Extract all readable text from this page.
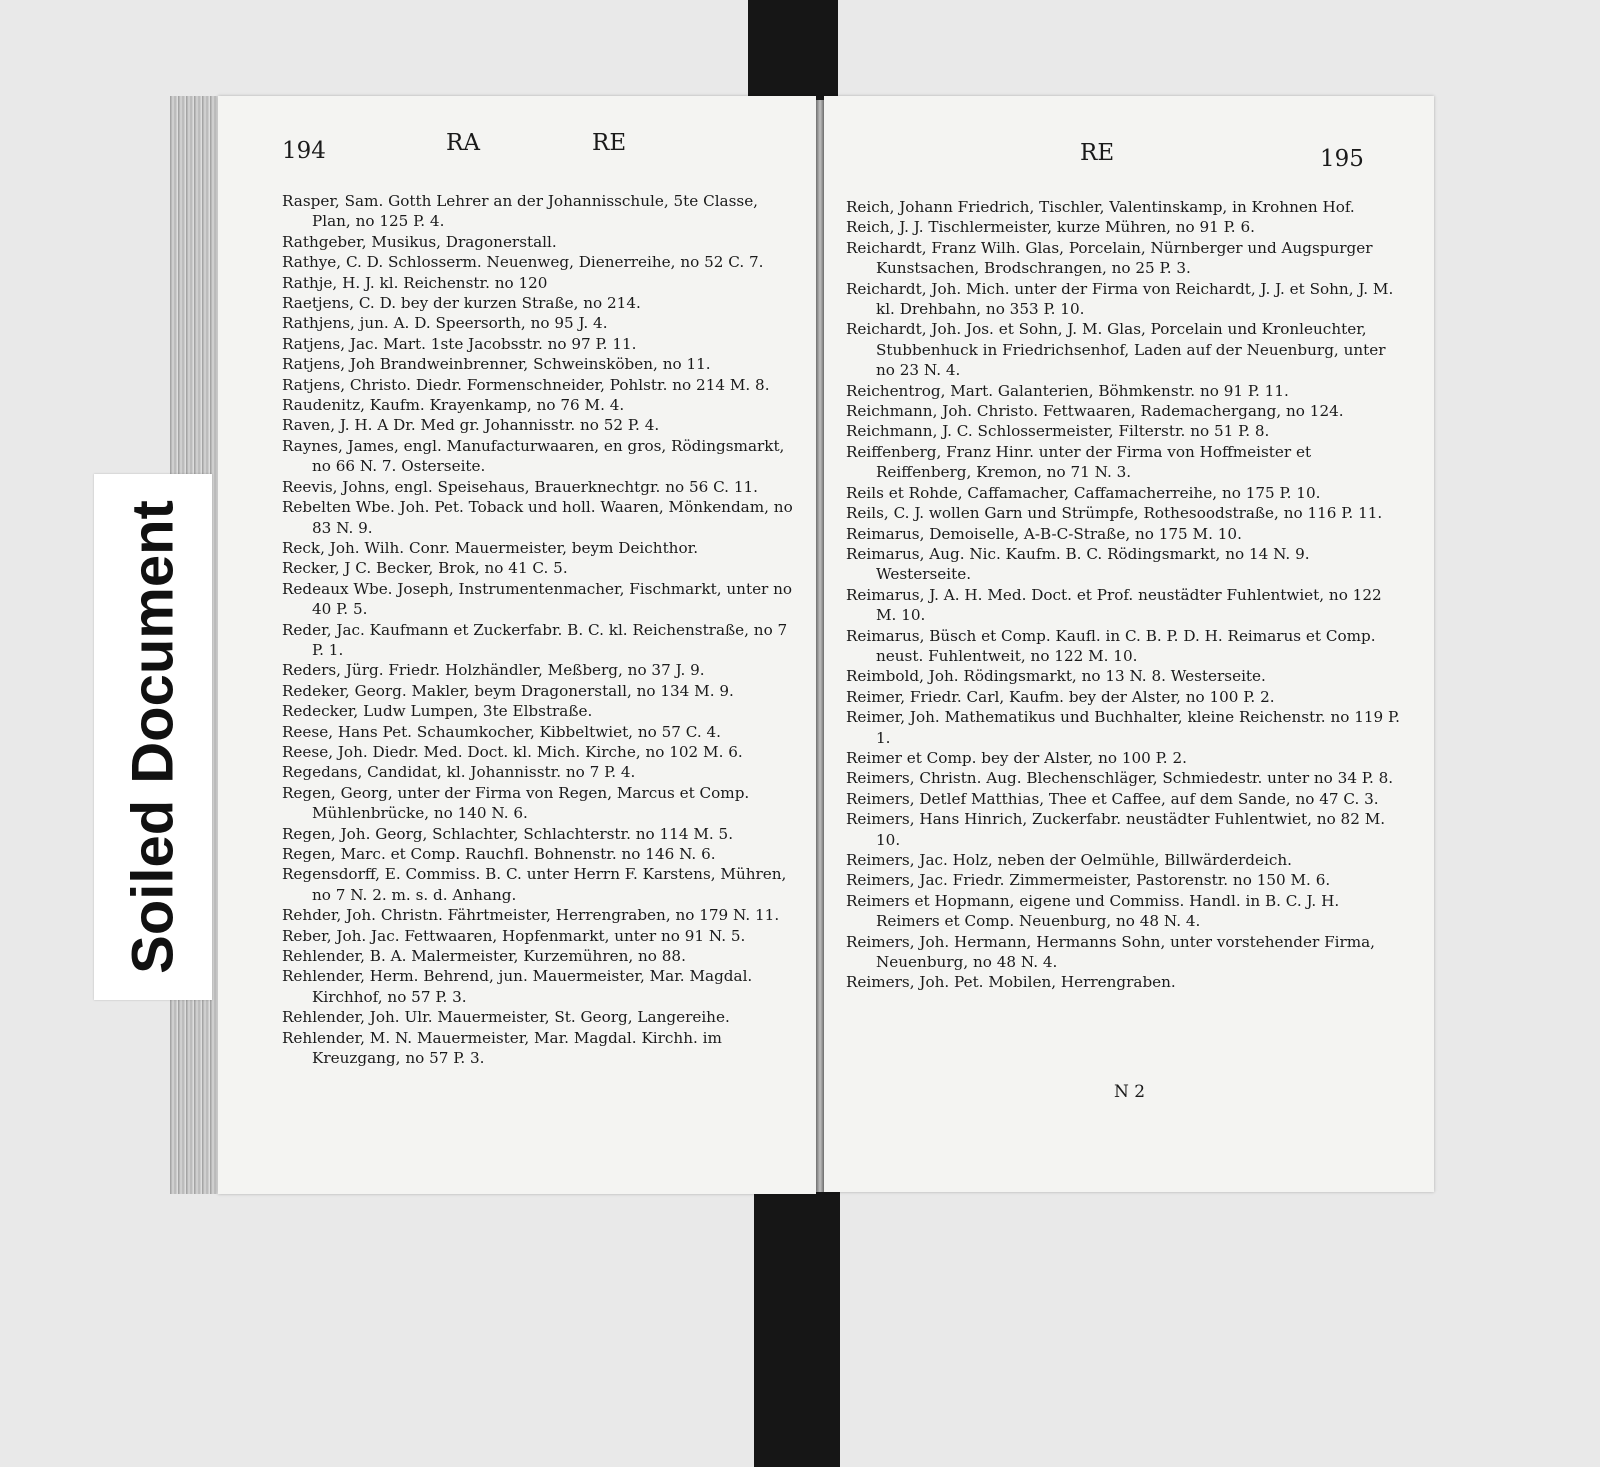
194	RA	RE
Rasper, Sam. Gotth Lehrer an der Johannisschule, 5te Classe, Plan, no 125 P. 4.
Rathgeber, Musikus, Dragonerstall.
Rathye, C. D. Schlosserm. Neuenweg, Dienerreihe, no 52 C. 7.
Rathje, H. J. kl. Reichenstr. no 120
Raetjens, C. D. bey der kurzen Straße, no 214.
Rathjens, jun. A. D. Speersorth, no 95 J. 4.
Ratjens, Jac. Mart. 1ste Jacobsstr. no 97 P. 11.
Ratjens, Joh Brandweinbrenner, Schweinsköben, no 11.
Ratjens, Christo. Diedr. Formenschneider, Pohlstr. no 214 M. 8.
Raudenitz, Kaufm. Krayenkamp, no 76 M. 4.
Raven, J. H. A Dr. Med gr. Johannisstr. no 52 P. 4.
Raynes, James, engl. Manufacturwaaren, en gros, Rödingsmarkt, no 66 N. 7. Osterseite.
Reevis, Johns, engl. Speisehaus, Brauerknechtgr. no 56 C. 11.
Rebelten Wbe. Joh. Pet. Toback und holl. Waaren, Mönkendam, no 83 N. 9.
Reck, Joh. Wilh. Conr. Mauermeister, beym Deichthor.
Recker, J C. Becker, Brok, no 41 C. 5.
Redeaux Wbe. Joseph, Instrumentenmacher, Fischmarkt, unter no 40 P. 5.
Reder, Jac. Kaufmann et Zuckerfabr. B. C. kl. Reichenstraße, no 7 P. 1.
Reders, Jürg. Friedr. Holzhändler, Meßberg, no 37 J. 9.
Redeker, Georg. Makler, beym Dragonerstall, no 134 M. 9.
Redecker, Ludw Lumpen, 3te Elbstraße.
Reese, Hans Pet. Schaumkocher, Kibbeltwiet, no 57 C. 4.
Reese, Joh. Diedr. Med. Doct. kl. Mich. Kirche, no 102 M. 6.
Regedans, Candidat, kl. Johannisstr. no 7 P. 4.
Regen, Georg, unter der Firma von Regen, Marcus et Comp. Mühlenbrücke, no 140 N. 6.
Regen, Joh. Georg, Schlachter, Schlachterstr. no 114 M. 5.
Regen, Marc. et Comp. Rauchfl. Bohnenstr. no 146 N. 6.
Regensdorff, E. Commiss. B. C. unter Herrn F. Karstens, Mühren, no 7 N. 2. m. s. d. Anhang.
Rehder, Joh. Christn. Fährtmeister, Herrengraben, no 179 N. 11.
Reber, Joh. Jac. Fettwaaren, Hopfenmarkt, unter no 91 N. 5.
Rehlender, B. A. Malermeister, Kurzemühren, no 88.
Rehlender, Herm. Behrend, jun. Mauermeister, Mar. Magdal. Kirchhof, no 57 P. 3.
Rehlender, Joh. Ulr. Mauermeister, St. Georg, Langereihe.
Rehlender, M. N. Mauermeister, Mar. Magdal. Kirchh. im Kreuzgang, no 57 P. 3.
RE	195
Reich, Johann Friedrich, Tischler, Valentinskamp, in Krohnen Hof.
Reich, J. J. Tischlermeister, kurze Mühren, no 91 P. 6.
Reichardt, Franz Wilh. Glas, Porcelain, Nürnberger und Augspurger Kunstsachen, Brodschrangen, no 25 P. 3.
Reichardt, Joh. Mich. unter der Firma von Reichardt, J. J. et Sohn, J. M. kl. Drehbahn, no 353 P. 10.
Reichardt, Joh. Jos. et Sohn, J. M. Glas, Porcelain und Kronleuchter, Stubbenhuck in Friedrichsenhof, Laden auf der Neuenburg, unter no 23 N. 4.
Reichentrog, Mart. Galanterien, Böhmkenstr. no 91 P. 11.
Reichmann, Joh. Christo. Fettwaaren, Rademachergang, no 124.
Reichmann, J. C. Schlossermeister, Filterstr. no 51 P. 8.
Reiffenberg, Franz Hinr. unter der Firma von Hoffmeister et Reiffenberg, Kremon, no 71 N. 3.
Reils et Rohde, Caffamacher, Caffamacherreihe, no 175 P. 10.
Reils, C. J. wollen Garn und Strümpfe, Rothesoodstraße, no 116 P. 11.
Reimarus, Demoiselle, A-B-C-Straße, no 175 M. 10.
Reimarus, Aug. Nic. Kaufm. B. C. Rödingsmarkt, no 14 N. 9. Westerseite.
Reimarus, J. A. H. Med. Doct. et Prof. neustädter Fuhlentwiet, no 122 M. 10.
Reimarus, Büsch et Comp. Kaufl. in C. B. P. D. H. Reimarus et Comp. neust. Fuhlentweit, no 122 M. 10.
Reimbold, Joh. Rödingsmarkt, no 13 N. 8. Westerseite.
Reimer, Friedr. Carl, Kaufm. bey der Alster, no 100 P. 2.
Reimer, Joh. Mathematikus und Buchhalter, kleine Reichenstr. no 119 P. 1.
Reimer et Comp. bey der Alster, no 100 P. 2.
Reimers, Christn. Aug. Blechenschläger, Schmiedestr. unter no 34 P. 8.
Reimers, Detlef Matthias, Thee et Caffee, auf dem Sande, no 47 C. 3.
Reimers, Hans Hinrich, Zuckerfabr. neustädter Fuhlentwiet, no 82 M. 10.
Reimers, Jac. Holz, neben der Oelmühle, Billwärderdeich.
Reimers, Jac. Friedr. Zimmermeister, Pastorenstr. no 150 M. 6.
Reimers et Hopmann, eigene und Commiss. Handl. in B. C. J. H. Reimers et Comp. Neuenburg, no 48 N. 4.
Reimers, Joh. Hermann, Hermanns Sohn, unter vorstehender Firma, Neuenburg, no 48 N. 4.
Reimers, Joh. Pet. Mobilen, Herrengraben.
N 2
Soiled Document
